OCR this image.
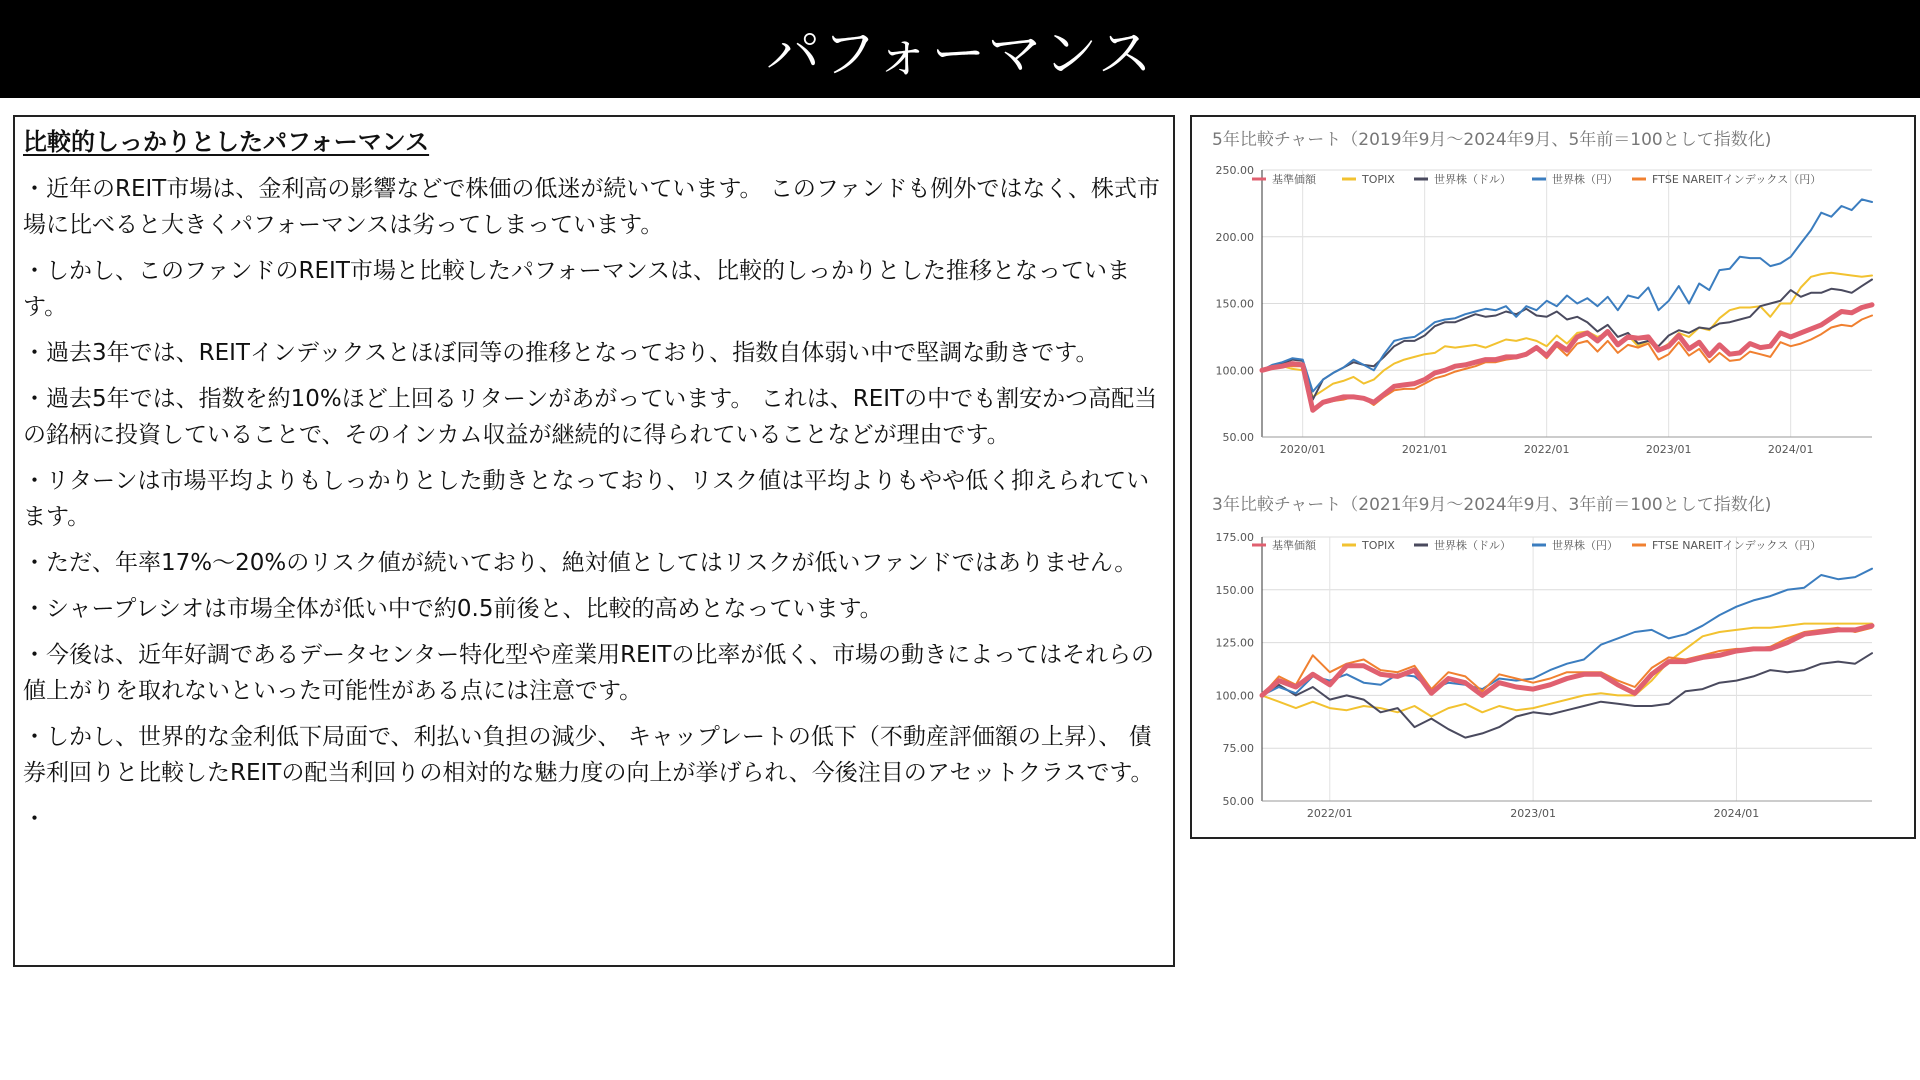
パフォーマンス
比較的しっかりとしたパフォーマンス

・近年のREIT市場は、金利高の影響などで株価の低迷が続いています。 このファンドも例外ではなく、株式市場に比べると大きくパフォーマンスは劣ってしまっています。

・しかし、このファンドのREIT市場と比較したパフォーマンスは、比較的しっかりとした推移となっています。

・過去3年では、REITインデックスとほぼ同等の推移となっており、指数自体弱い中で堅調な動きです。

・過去5年では、指数を約10%ほど上回るリターンがあがっています。 これは、REITの中でも割安かつ高配当の銘柄に投資していることで、そのインカム収益が継続的に得られていることなどが理由です。

・リターンは市場平均よりもしっかりとした動きとなっており、リスク値は平均よりもやや低く抑えられています。

・ただ、年率17%〜20%のリスク値が続いており、絶対値としてはリスクが低いファンドではありません。

・シャープレシオは市場全体が低い中で約0.5前後と、比較的高めとなっています。

・今後は、近年好調であるデータセンター特化型や産業用REITの比率が低く、市場の動きによってはそれらの値上がりを取れないといった可能性がある点には注意です。

・しかし、世界的な金利低下局面で、利払い負担の減少、 キャップレートの低下（不動産評価額の上昇）、 債券利回りと比較したREITの配当利回りの相対的な魅力度の向上が挙げられ、今後注目のアセットクラスです。

・

5年比較チャート（2019年9月〜2024年9月、5年前＝100として指数化)
250.00
200.00
150.00
100.00
50.00
2020/01	2021/01	2022/01	2023/01	2024/01
基準価額	TOPIX	世界株（ドル）	世界株（円）	FTSE NAREITインデックス（円）
3年比較チャート（2021年9月〜2024年9月、3年前＝100として指数化)
175.00
150.00
125.00
100.00
75.00
50.00
2022/01	2023/01	2024/01
基準価額	TOPIX	世界株（ドル）	世界株（円）	FTSE NAREITインデックス（円）
